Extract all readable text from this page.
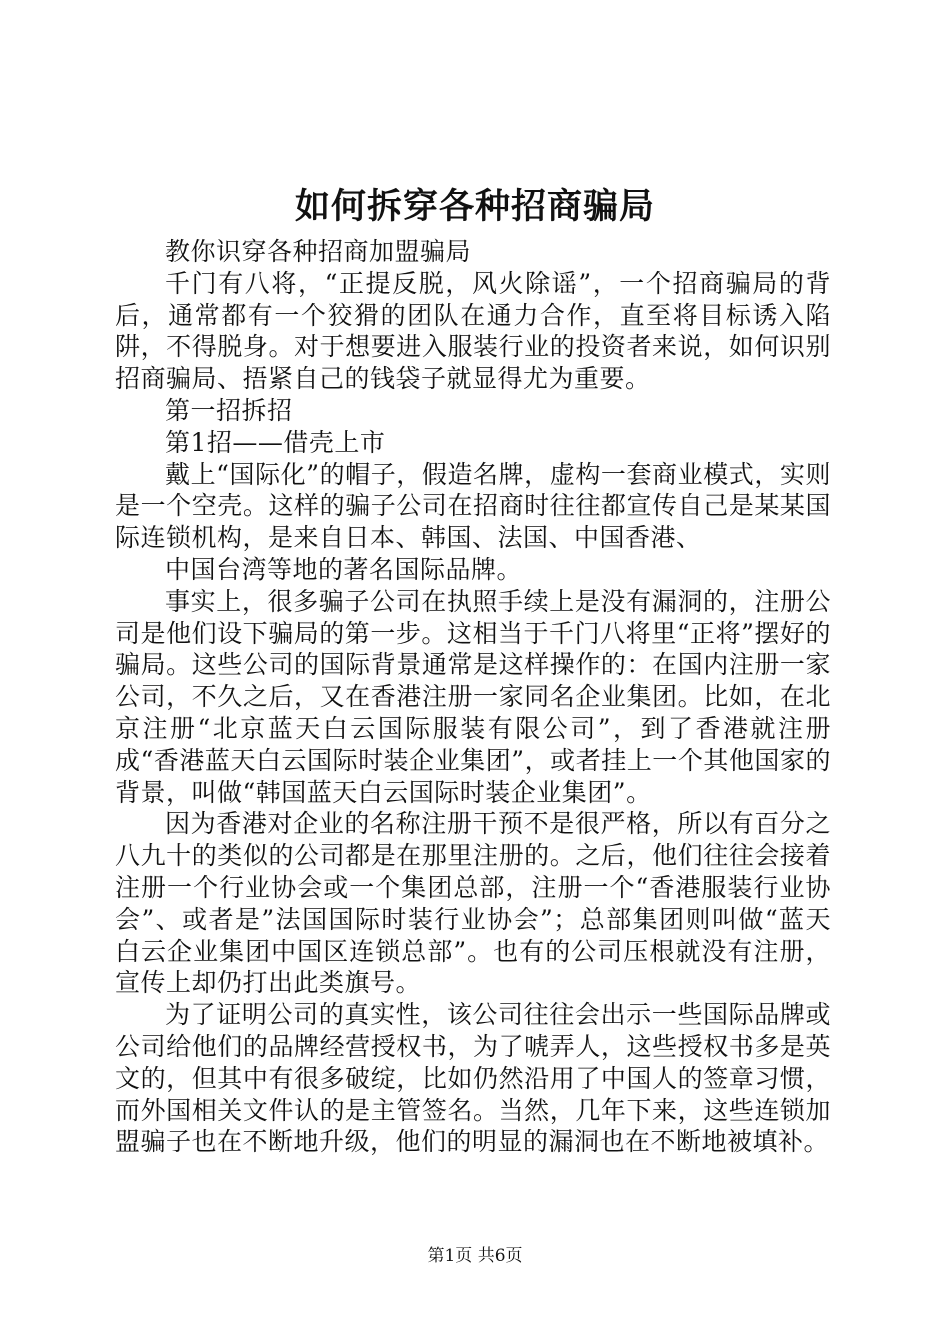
如何拆穿各种招商骗局

教你识穿各种招商加盟骗局

千门有八将，“正提反脱，风火除谣”，一个招商骗局的背后，通常都有一个狡猾的团队在通力合作，直至将目标诱入陷阱，不得脱身。对于想要进入服装行业的投资者来说，如何识别招商骗局、捂紧自己的钱袋子就显得尤为重要。

第一招拆招

第1招——借壳上市

戴上“国际化”的帽子，假造名牌，虚构一套商业模式，实则是一个空壳。这样的骗子公司在招商时往往都宣传自己是某某国际连锁机构，是来自日本、韩国、法国、中国香港、

中国台湾等地的著名国际品牌。

事实上，很多骗子公司在执照手续上是没有漏洞的，注册公司是他们设下骗局的第一步。这相当于千门八将里“正将”摆好的骗局。这些公司的国际背景通常是这样操作的：在国内注册一家公司，不久之后，又在香港注册一家同名企业集团。比如，在北京注册“北京蓝天白云国际服装有限公司”，到了香港就注册成“香港蓝天白云国际时装企业集团”，或者挂上一个其他国家的背景，叫做“韩国蓝天白云国际时装企业集团”。

因为香港对企业的名称注册干预不是很严格，所以有百分之八九十的类似的公司都是在那里注册的。之后，他们往往会接着注册一个行业协会或一个集团总部，注册一个“香港服装行业协会”、或者是”法国国际时装行业协会”；总部集团则叫做“蓝天白云企业集团中国区连锁总部”。也有的公司压根就没有注册，宣传上却仍打出此类旗号。

为了证明公司的真实性，该公司往往会出示一些国际品牌或公司给他们的品牌经营授权书，为了唬弄人，这些授权书多是英文的，但其中有很多破绽，比如仍然沿用了中国人的签章习惯，而外国相关文件认的是主管签名。当然，几年下来，这些连锁加盟骗子也在不断地升级，他们的明显的漏洞也在不断地被填补。

第1页 共6页
